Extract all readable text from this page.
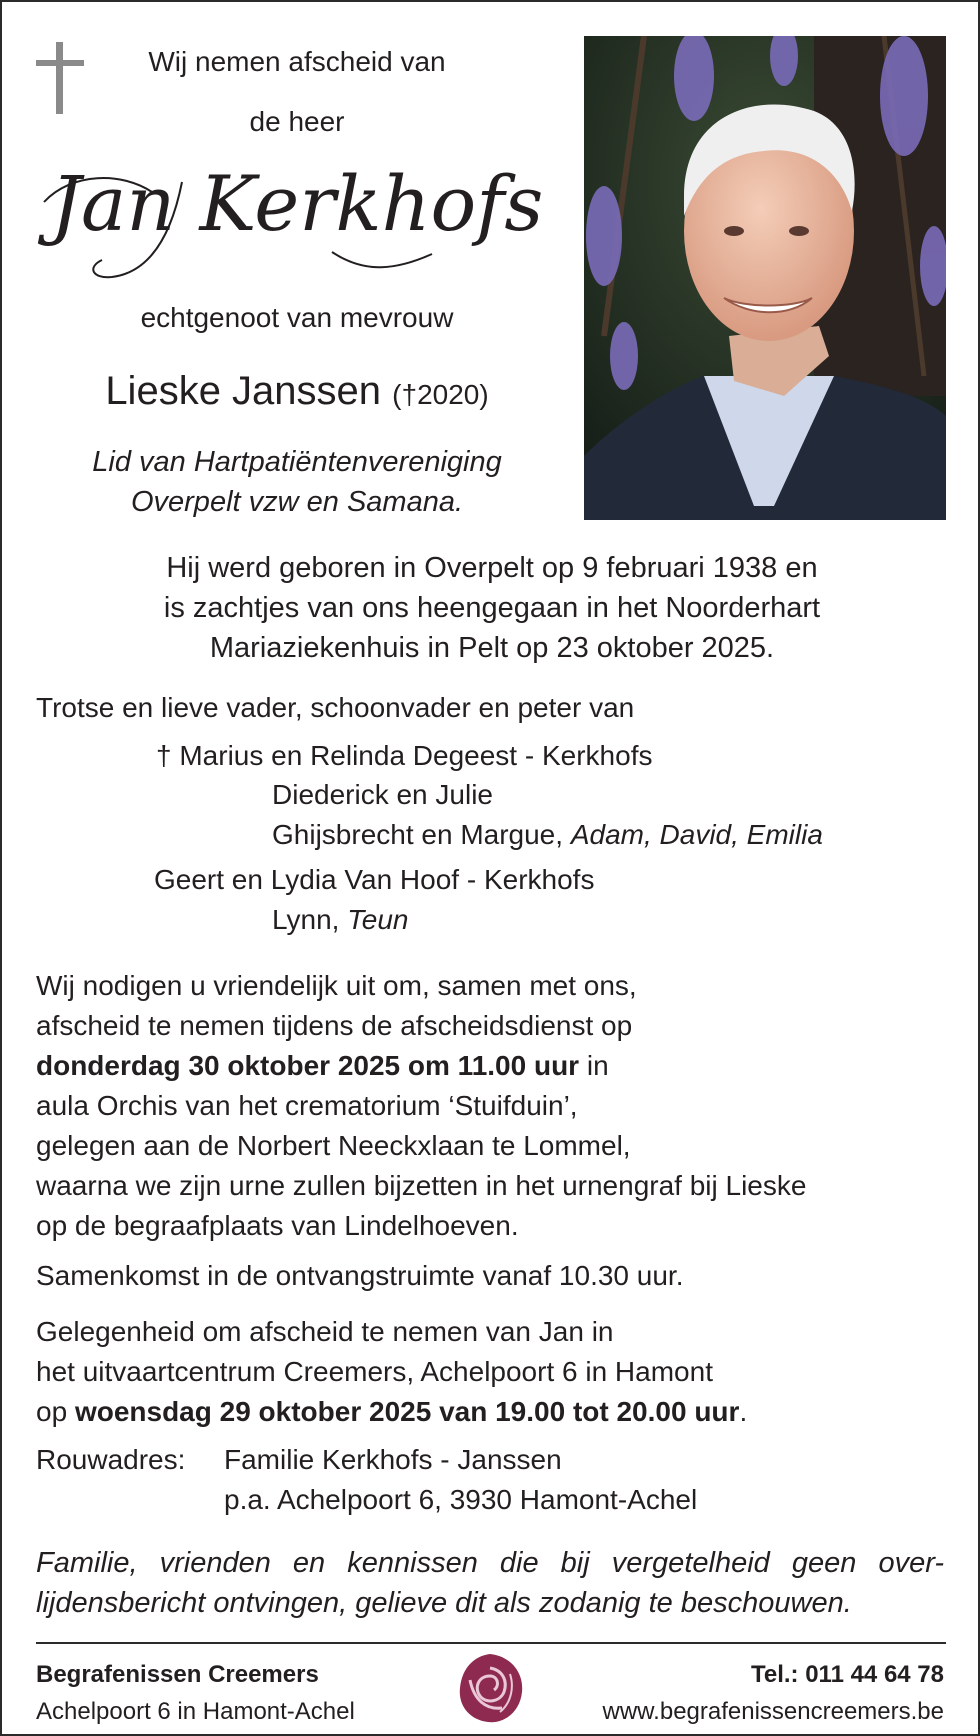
Wij nemen afscheid van
de heer
Jan Kerkhofs
echtgenoot van mevrouw
Lieske Janssen (†2020)
Lid van Hartpatiëntenvereniging
Overpelt vzw en Samana.
Hij werd geboren in Overpelt op 9 februari 1938 en
is zachtjes van ons heengegaan in het Noorderhart
Mariaziekenhuis in Pelt op 23 oktober 2025.
Trotse en lieve vader, schoonvader en peter van
† Marius en Relinda Degeest - Kerkhofs
Diederick en Julie
Ghijsbrecht en Margue, Adam, David, Emilia
Geert en Lydia Van Hoof - Kerkhofs
Lynn, Teun
Wij nodigen u vriendelijk uit om, samen met ons,
afscheid te nemen tijdens de afscheidsdienst op
donderdag 30 oktober 2025 om 11.00 uur in
aula Orchis van het crematorium ‘Stuifduin’,
gelegen aan de Norbert Neeckxlaan te Lommel,
waarna we zijn urne zullen bijzetten in het urnengraf bij Lieske
op de begraafplaats van Lindelhoeven.
Samenkomst in de ontvangstruimte vanaf 10.30 uur.
Gelegenheid om afscheid te nemen van Jan in
het uitvaartcentrum Creemers, Achelpoort 6 in Hamont
op woensdag 29 oktober 2025 van 19.00 tot 20.00 uur.
Rouwadres: Familie Kerkhofs - Janssen
p.a. Achelpoort 6, 3930 Hamont-Achel
Familie, vrienden en kennissen die bij vergetelheid geen over-
lijdensbericht ontvingen, gelieve dit als zodanig te beschouwen.
Begrafenissen Creemers
Achelpoort 6 in Hamont-Achel
Tel.: 011 44 64 78
www.begrafenissencreemers.be
